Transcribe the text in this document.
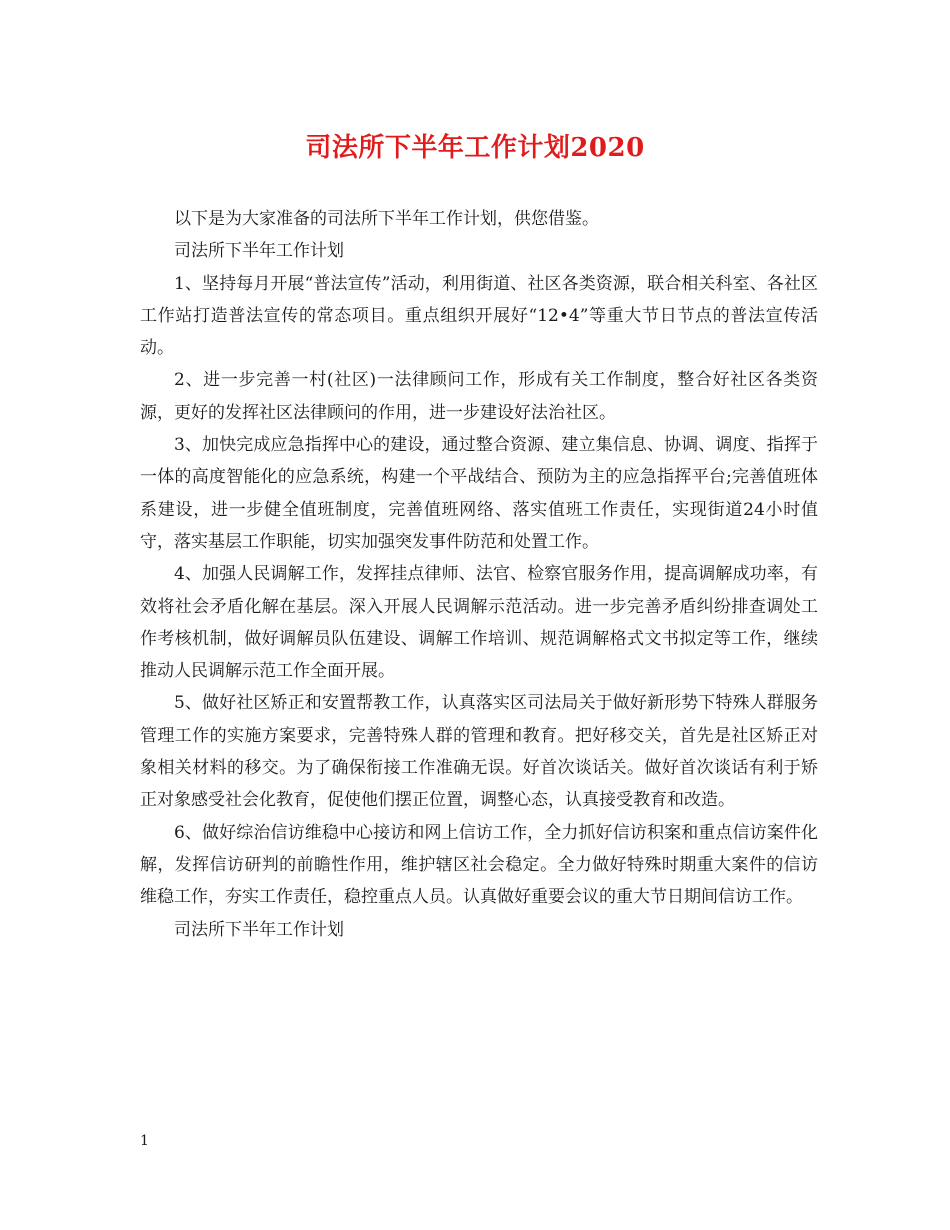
司法所下半年工作计划2020

以下是为大家准备的司法所下半年工作计划，供您借鉴。

司法所下半年工作计划

1、坚持每月开展“普法宣传”活动，利用街道、社区各类资源，联合相关科室、各社区工作站打造普法宣传的常态项目。重点组织开展好“12•4”等重大节日节点的普法宣传活动。

2、进一步完善一村(社区)一法律顾问工作，形成有关工作制度，整合好社区各类资源，更好的发挥社区法律顾问的作用，进一步建设好法治社区。

3、加快完成应急指挥中心的建设，通过整合资源、建立集信息、协调、调度、指挥于一体的高度智能化的应急系统，构建一个平战结合、预防为主的应急指挥平台;完善值班体系建设，进一步健全值班制度，完善值班网络、落实值班工作责任，实现街道24小时值守，落实基层工作职能，切实加强突发事件防范和处置工作。

4、加强人民调解工作，发挥挂点律师、法官、检察官服务作用，提高调解成功率，有效将社会矛盾化解在基层。深入开展人民调解示范活动。进一步完善矛盾纠纷排查调处工作考核机制，做好调解员队伍建设、调解工作培训、规范调解格式文书拟定等工作，继续推动人民调解示范工作全面开展。

5、做好社区矫正和安置帮教工作，认真落实区司法局关于做好新形势下特殊人群服务管理工作的实施方案要求，完善特殊人群的管理和教育。把好移交关，首先是社区矫正对象相关材料的移交。为了确保衔接工作准确无误。好首次谈话关。做好首次谈话有利于矫正对象感受社会化教育，促使他们摆正位置，调整心态，认真接受教育和改造。

6、做好综治信访维稳中心接访和网上信访工作，全力抓好信访积案和重点信访案件化解，发挥信访研判的前瞻性作用，维护辖区社会稳定。全力做好特殊时期重大案件的信访维稳工作，夯实工作责任，稳控重点人员。认真做好重要会议的重大节日期间信访工作。

司法所下半年工作计划

1
